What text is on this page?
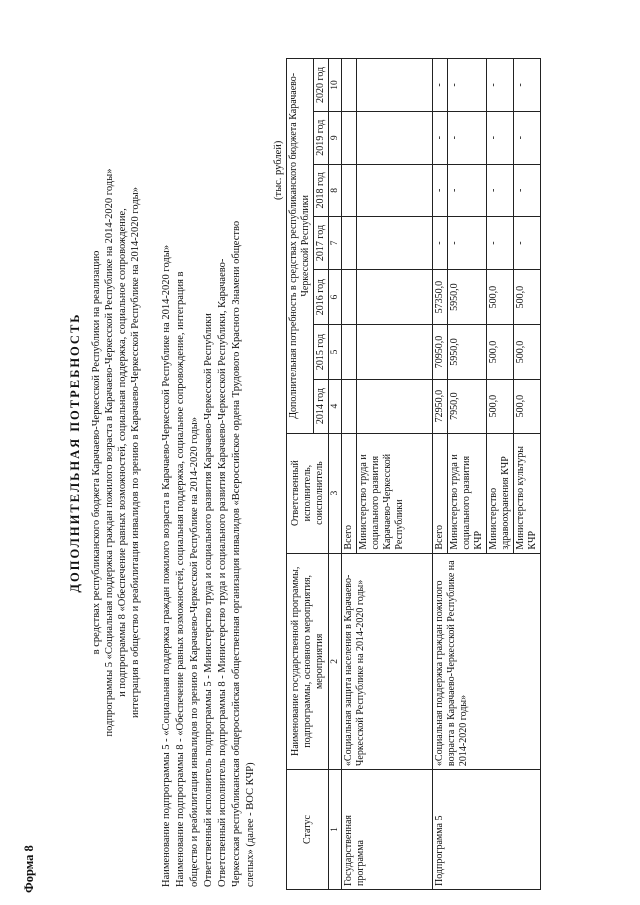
Форма 8
ДОПОЛНИТЕЛЬНАЯ ПОТРЕБНОСТЬ в средствах республиканского бюджета Карачаево-Черкесской Республики на реализацию подпрограммы 5 «Социальная поддержка граждан пожилого возраста в Карачаево-Черкесской Республике на 2014-2020 годы» и подпрограммы 8 «Обеспечение равных возможностей, социальная поддержка, социальное сопровождение, интеграция в общество и реабилитация инвалидов по зрению в Карачаево-Черкесской Республике на 2014-2020 годы» Наименование подпрограммы 5 - «Социальная поддержка граждан пожилого возраста в Карачаево-Черкесской Республике на 2014-2020 годы» Наименование подпрограммы 8 - «Обеспечение равных возможностей, социальная поддержка, социальное сопровождение, интеграция в общество и реабилитация инвалидов по зрению в Карачаево-Черкесской Республике на 2014-2020 годы» Ответственный исполнитель подпрограммы 5 - Министерство труда и социального развития Карачаево-Черкесской Республики Ответственный исполнитель подпрограммы 8 - Министерство труда и социального развития Карачаево-Черкесской Республики, Карачаево- Черкесская республиканская общероссийская общественная организация инвалидов «Всероссийское ордена Трудового Красного Знамени общество слепых» (далее - ВОС КЧР)
(тыс. рублей)
Статус	Наименование государственной программы, подпрограммы, основного мероприятия, мероприятия	Ответственный исполнитель, соисполнитель	Дополнительная потребность в средствах республиканского бюджета Карачаево-Черкесской Республики						
			2014 год	2015 год	2016 год	2017 год	2018 год	2019 год	2020 год
1	2	3	4	5	6	7	8	9	10
Государственная программа	«Социальная защита населения в Карачаево-Черкесской Республике на 2014-2020 годы»	Всего							
		Министерство труда и социального развития Карачаево-Черкесской Республики							
Подпрограмма 5	«Социальная поддержка граждан пожилого возраста в Карачаево-Черкесской Республике на 2014-2020 годы»	Всего	72950,0	70950,0	57350,0	-	-	-	-
		Министерство труда и социального развития КЧР	7950,0	5950,0	5950,0	-	-	-	-
		Министерство здравоохранения КЧР	500,0	500,0	500,0	-	-	-	-
		Министерство культуры КЧР	500,0	500,0	500,0	-	-	-	-
